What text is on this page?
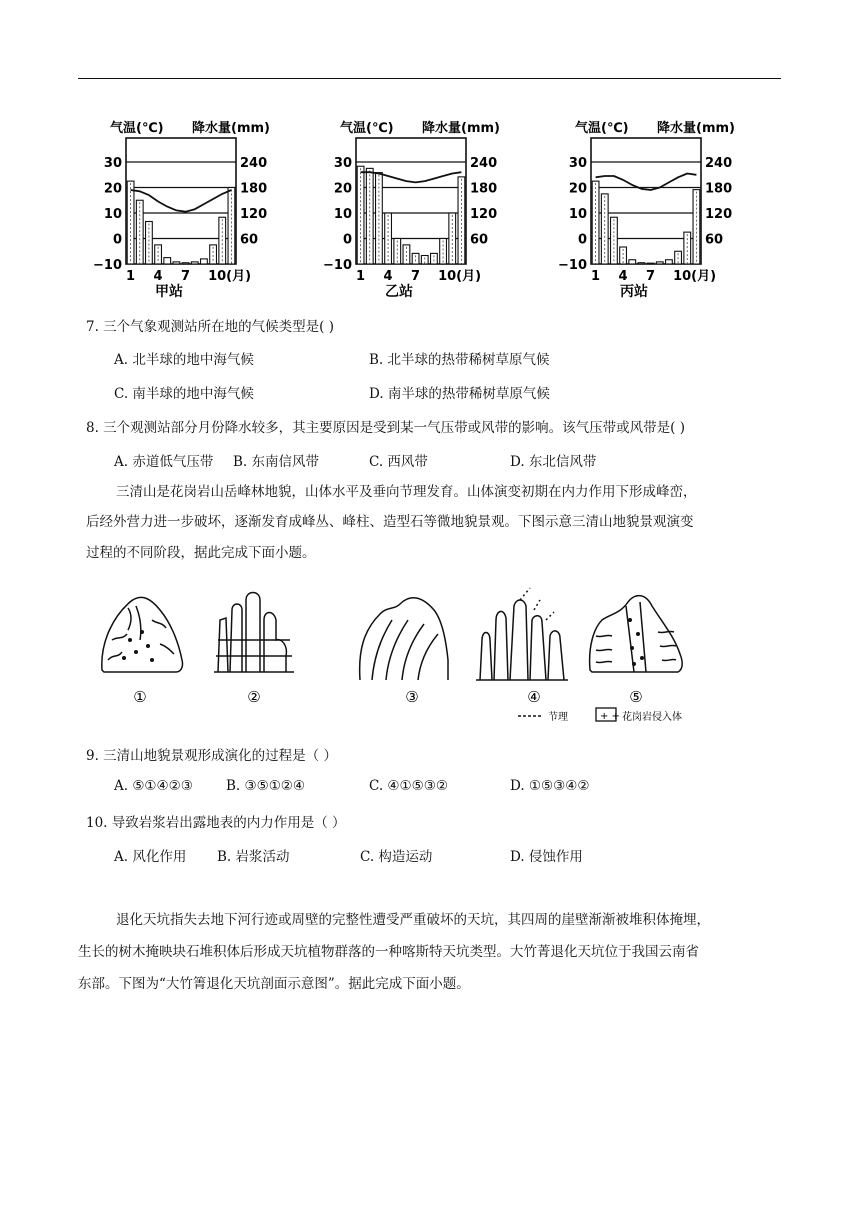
气温(℃) 降水量(mm)
30
20
10
0
−10
240
180
120
60
1 4 7 10(月)
甲站
气温(℃) 降水量(mm)
30
20
10
0
−10
240
180
120
60
1 4 7 10(月)
乙站
气温(℃) 降水量(mm)
30
20
10
0
−10
240
180
120
60
1 4 7 10(月)
丙站
7. 三个气象观测站所在地的气候类型是( )
A. 北半球的地中海气候	B. 北半球的热带稀树草原气候
C. 南半球的地中海气候	D. 南半球的热带稀树草原气候
8. 三个观测站部分月份降水较多，其主要原因是受到某一气压带或风带的影响。该气压带或风带是( )
A. 赤道低气压带 B. 东南信风带	C. 西风带	D. 东北信风带
三清山是花岗岩山岳峰林地貌，山体水平及垂向节理发育。山体演变初期在内力作用下形成峰峦，
后经外营力进一步破坏，逐渐发育成峰丛、峰柱、造型石等微地貌景观。下图示意三清山地貌景观演变
过程的不同阶段，据此完成下面小题。
①	②	③	④	⑤
节理	+ + 花岗岩侵入体
9. 三清山地貌景观形成演化的过程是（ ）
A. ⑤①④②③ B. ③⑤①②④	C. ④①⑤③②	D. ①⑤③④②
10. 导致岩浆岩出露地表的内力作用是（ ）
A. 风化作用 B. 岩浆活动	C. 构造运动	D. 侵蚀作用
退化天坑指失去地下河行迹或周壁的完整性遭受严重破坏的天坑，其四周的崖壁渐渐被堆积体掩埋，
生长的树木掩映块石堆积体后形成天坑植物群落的一种喀斯特天坑类型。大竹菁退化天坑位于我国云南省
东部。下图为“大竹箐退化天坑剖面示意图”。据此完成下面小题。
